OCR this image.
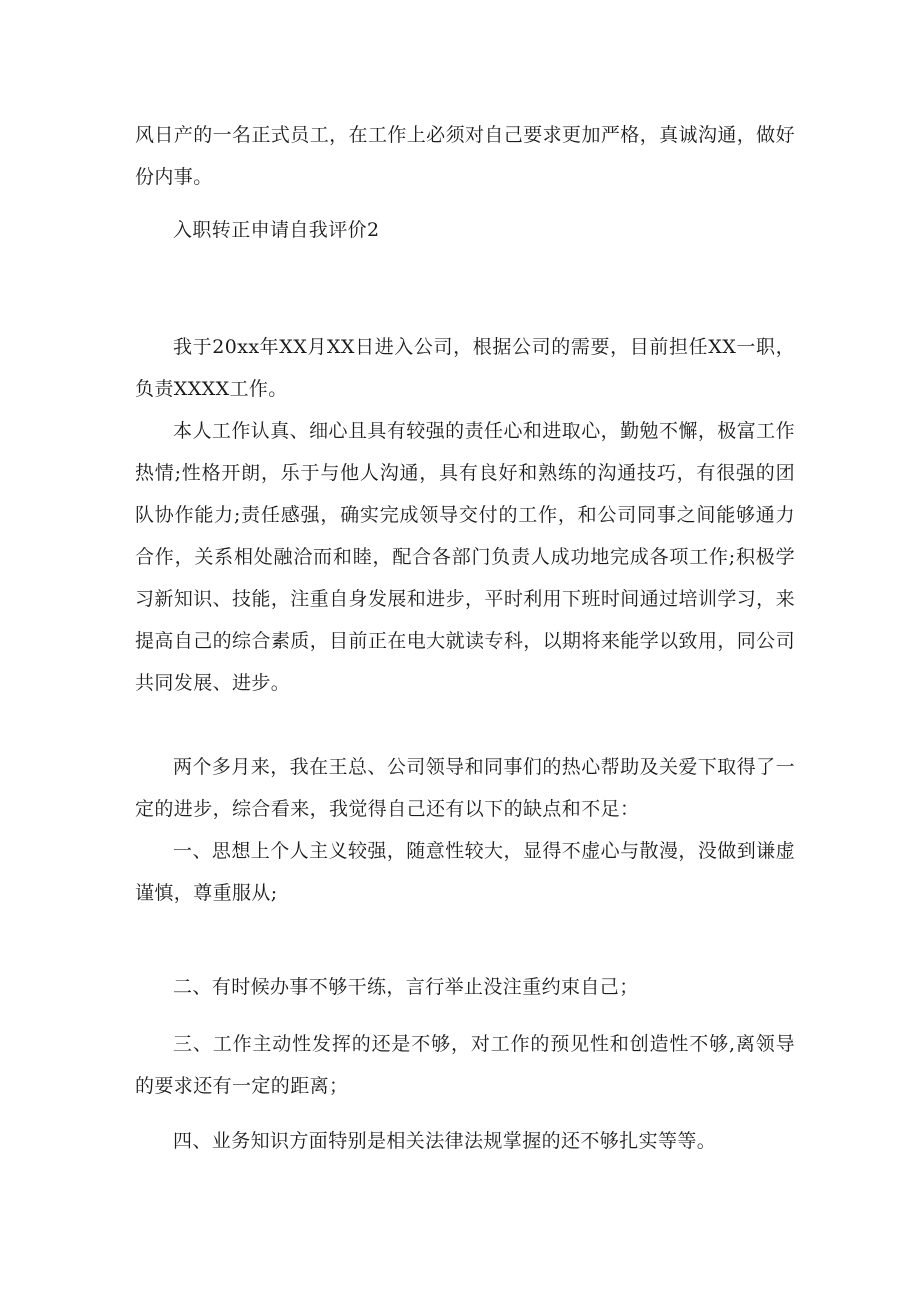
风日产的一名正式员工，在工作上必须对自己要求更加严格，真诚沟通，做好份内事。

入职转正申请自我评价2

我于20xx年XX月XX日进入公司，根据公司的需要，目前担任XX一职，负责XXXX工作。

本人工作认真、细心且具有较强的责任心和进取心，勤勉不懈，极富工作热情;性格开朗，乐于与他人沟通，具有良好和熟练的沟通技巧，有很强的团队协作能力;责任感强，确实完成领导交付的工作，和公司同事之间能够通力合作，关系相处融洽而和睦，配合各部门负责人成功地完成各项工作;积极学习新知识、技能，注重自身发展和进步，平时利用下班时间通过培训学习，来提高自己的综合素质，目前正在电大就读专科，以期将来能学以致用，同公司共同发展、进步。

两个多月来，我在王总、公司领导和同事们的热心帮助及关爱下取得了一定的进步，综合看来，我觉得自己还有以下的缺点和不足：

一、思想上个人主义较强，随意性较大，显得不虚心与散漫，没做到谦虚谨慎，尊重服从;

二、有时候办事不够干练，言行举止没注重约束自己；

三、工作主动性发挥的还是不够，对工作的预见性和创造性不够,离领导的要求还有一定的距离；

四、业务知识方面特别是相关法律法规掌握的还不够扎实等等。
